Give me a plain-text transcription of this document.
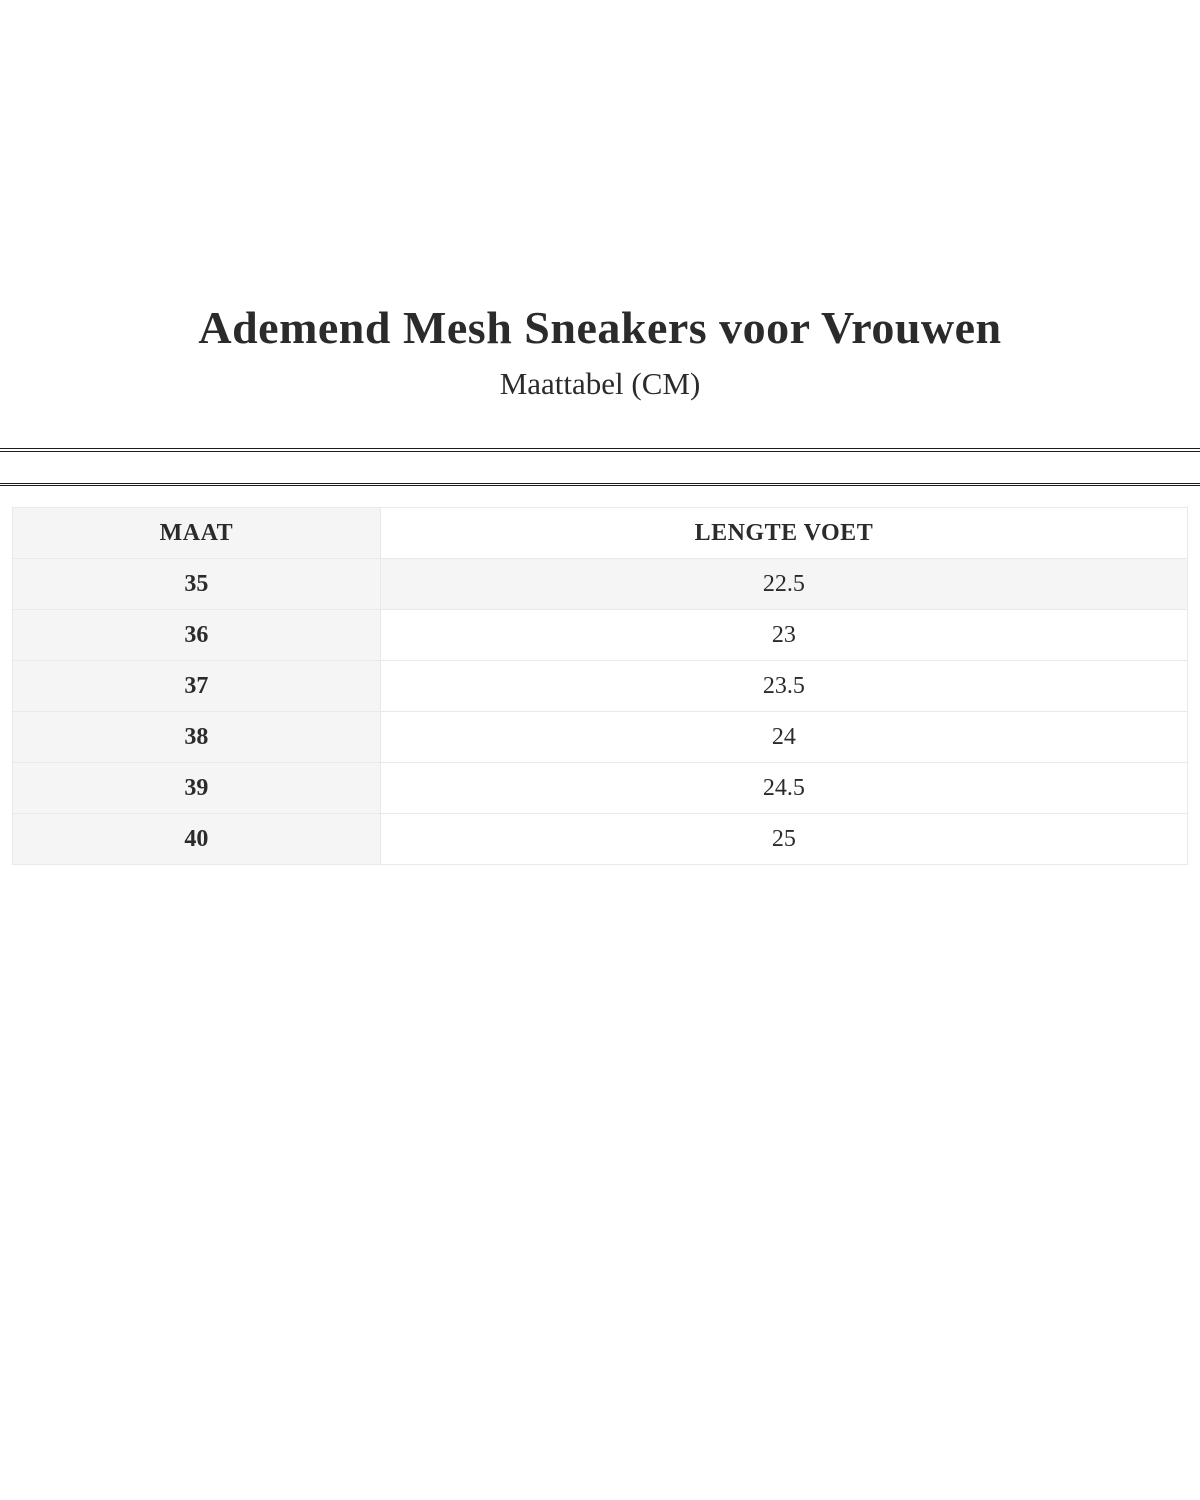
Ademend Mesh Sneakers voor Vrouwen
Maattabel (CM)
MAAT	LENGTE VOET
35	22.5
36	23
37	23.5
38	24
39	24.5
40	25
